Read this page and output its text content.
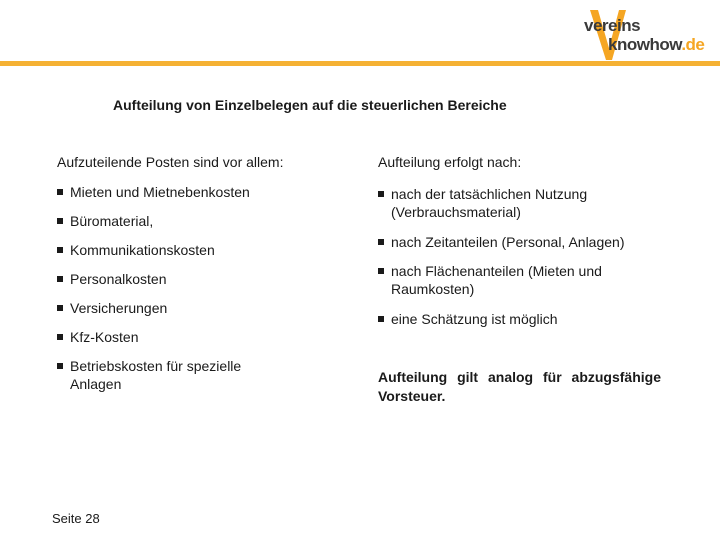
vereins
knowhow.de
Aufteilung von Einzelbelegen auf die steuerlichen Bereiche
Aufzuteilende Posten sind vor allem:
Mieten und Mietnebenkosten
Büromaterial,
Kommunikationskosten
Personalkosten
Versicherungen
Kfz-Kosten
Betriebskosten für spezielle Anlagen
Aufteilung erfolgt nach:
nach der tatsächlichen Nutzung (Verbrauchsmaterial)
nach Zeitanteilen (Personal, Anlagen)
nach Flächenanteilen (Mieten und Raumkosten)
eine Schätzung ist möglich
Aufteilung gilt analog für abzugsfähige Vorsteuer.
Seite 28
